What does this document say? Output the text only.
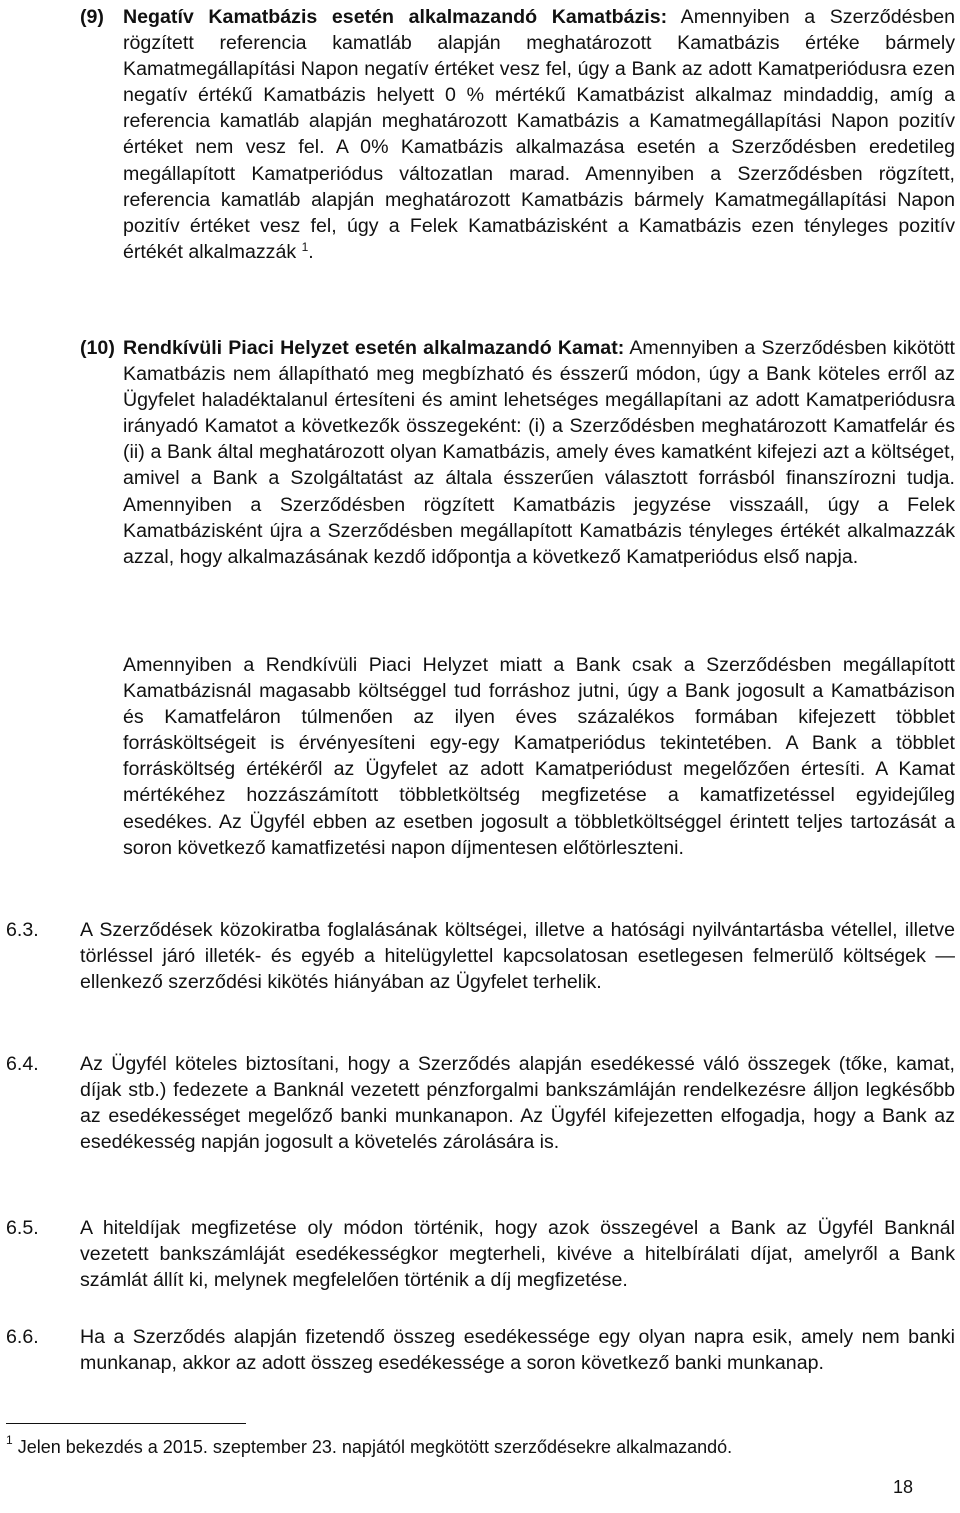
(9) Negatív Kamatbázis esetén alkalmazandó Kamatbázis: Amennyiben a Szerződésben rögzített referencia kamatláb alapján meghatározott Kamatbázis értéke bármely Kamatmegállapítási Napon negatív értéket vesz fel, úgy a Bank az adott Kamatperiódusra ezen negatív értékű Kamatbázis helyett 0 % mértékű Kamatbázist alkalmaz mindaddig, amíg a referencia kamatláb alapján meghatározott Kamatbázis a Kamatmegállapítási Napon pozitív értéket nem vesz fel. A 0% Kamatbázis alkalmazása esetén a Szerződésben eredetileg megállapított Kamatperiódus változatlan marad. Amennyiben a Szerződésben rögzített, referencia kamatláb alapján meghatározott Kamatbázis bármely Kamatmegállapítási Napon pozitív értéket vesz fel, úgy a Felek Kamatbázisként a Kamatbázis ezen tényleges pozitív értékét alkalmazzák $^1$.

(10) Rendkívüli Piaci Helyzet esetén alkalmazandó Kamat: Amennyiben a Szerződésben kikötött Kamatbázis nem állapítható meg megbízható és ésszerű módon, úgy a Bank köteles erről az Ügyfelet haladéktalanul értesíteni és amint lehetséges megállapítani az adott Kamatperiódusra irányadó Kamatot a következők összegeként: (i) a Szerződésben meghatározott Kamatfelár és (ii) a Bank által meghatározott olyan Kamatbázis, amely éves kamatként kifejezi azt a költséget, amivel a Bank a Szolgáltatást az általa ésszerűen választott forrásból finanszírozni tudja. Amennyiben a Szerződésben rögzített Kamatbázis jegyzése visszaáll, úgy a Felek Kamatbázisként újra a Szerződésben megállapított Kamatbázis tényleges értékét alkalmazzák azzal, hogy alkalmazásának kezdő időpontja a következő Kamatperiódus első napja.

Amennyiben a Rendkívüli Piaci Helyzet miatt a Bank csak a Szerződésben megállapított Kamatbázisnál magasabb költséggel tud forráshoz jutni, úgy a Bank jogosult a Kamatbázison és Kamatfeláron túlmenően az ilyen éves százalékos formában kifejezett többlet forrásköltségeit is érvényesíteni egy-egy Kamatperiódus tekintetében. A Bank a többlet forrásköltség értékéről az Ügyfelet az adott Kamatperiódust megelőzően értesíti. A Kamat mértékéhez hozzászámított többletköltség megfizetése a kamatfizetéssel egyidejűleg esedékes. Az Ügyfél ebben az esetben jogosult a többletköltséggel érintett teljes tartozását a soron következő kamatfizetési napon díjmentesen előtörleszteni.

6.3. A Szerződések közokiratba foglalásának költségei, illetve a hatósági nyilvántartásba vétellel, illetve törléssel járó illeték- és egyéb a hitelügylettel kapcsolatosan esetlegesen felmerülő költségek — ellenkező szerződési kikötés hiányában az Ügyfelet terhelik.

6.4. Az Ügyfél köteles biztosítani, hogy a Szerződés alapján esedékessé váló összegek (tőke, kamat, díjak stb.) fedezete a Banknál vezetett pénzforgalmi bankszámláján rendelkezésre álljon legkésőbb az esedékességet megelőző banki munkanapon. Az Ügyfél kifejezetten elfogadja, hogy a Bank az esedékesség napján jogosult a követelés zárolására is.

6.5. A hiteldíjak megfizetése oly módon történik, hogy azok összegével a Bank az Ügyfél Banknál vezetett bankszámláját esedékességkor megterheli, kivéve a hitelbírálati díjat, amelyről a Bank számlát állít ki, melynek megfelelően történik a díj megfizetése.

6.6. Ha a Szerződés alapján fizetendő összeg esedékessége egy olyan napra esik, amely nem banki munkanap, akkor az adott összeg esedékessége a soron következő banki munkanap.

$^1$ Jelen bekezdés a 2015. szeptember 23. napjától megkötött szerződésekre alkalmazandó.
18
